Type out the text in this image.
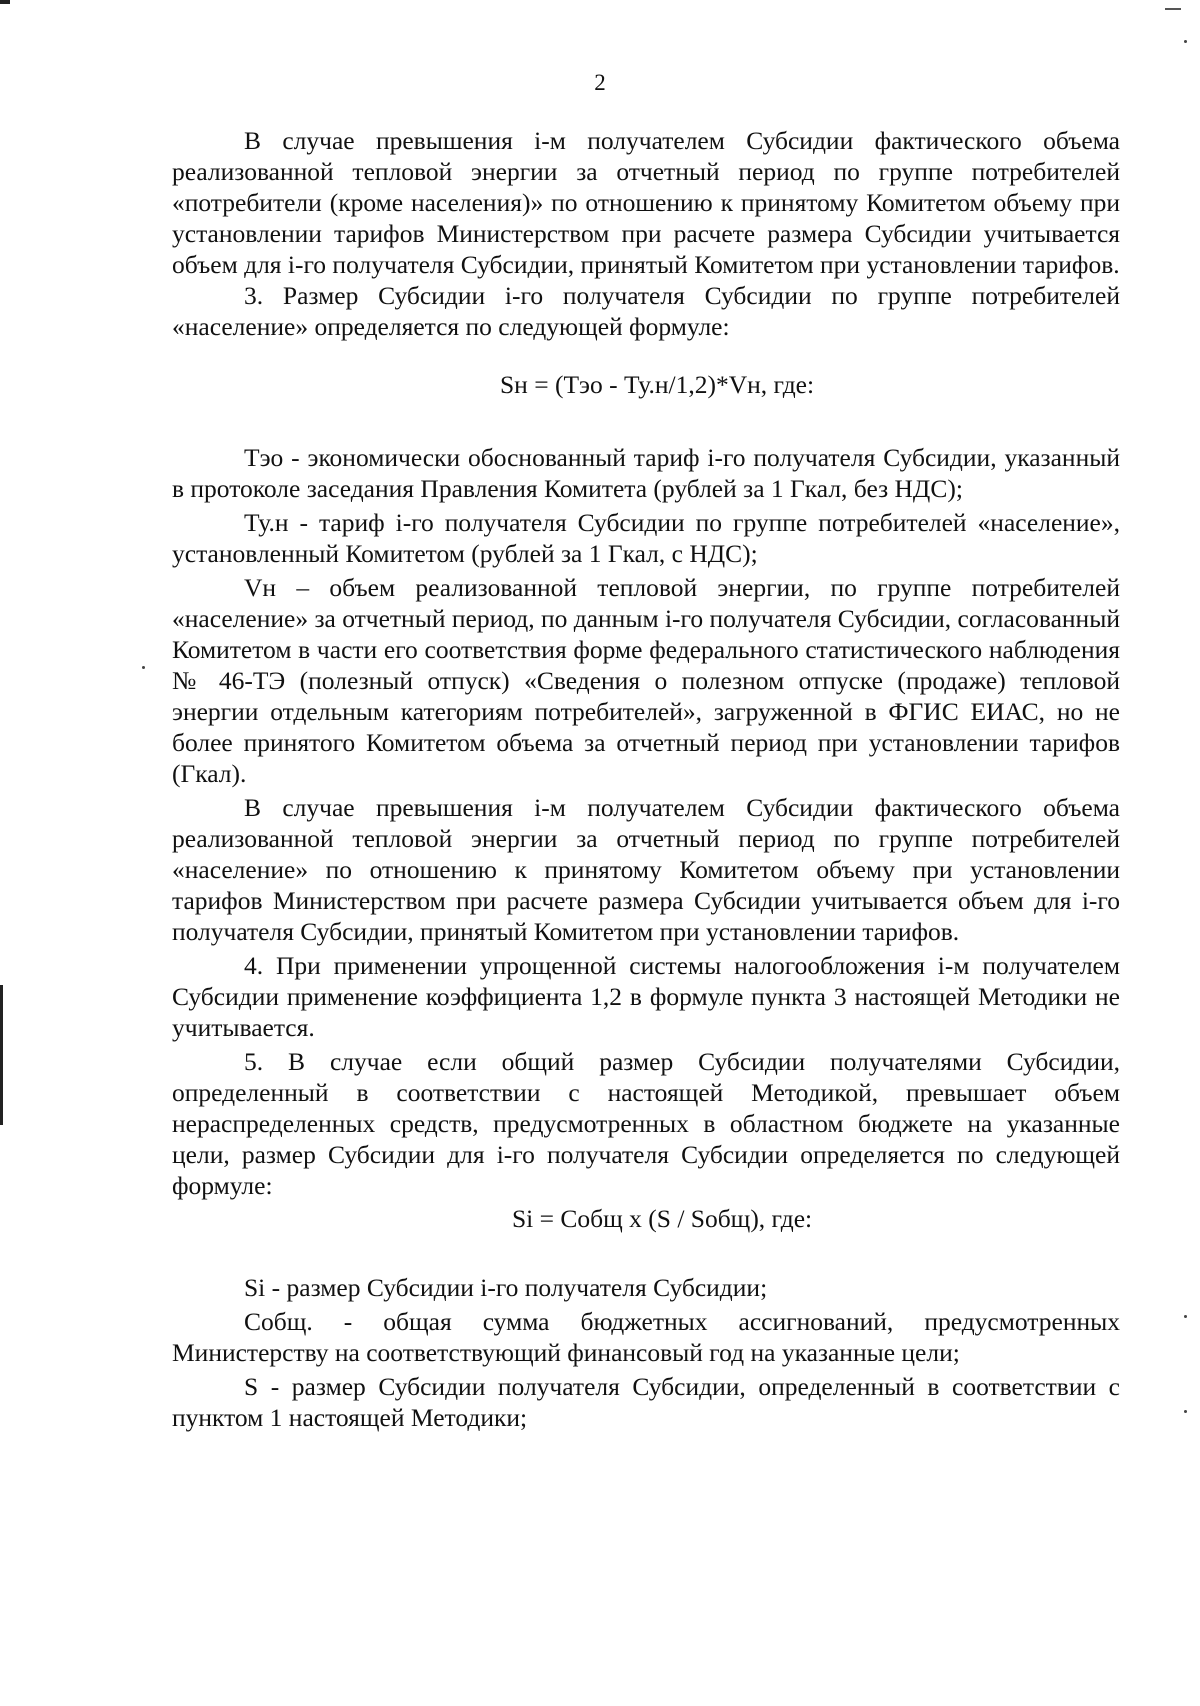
2

В случае превышения i-м получателем Субсидии фактического объема реализованной тепловой энергии за отчетный период по группе потребителей «потребители (кроме населения)» по отношению к принятому Комитетом объему при установлении тарифов Министерством при расчете размера Субсидии учитывается объем для i-го получателя Субсидии, принятый Комитетом при установлении тарифов.

3. Размер Субсидии i-го получателя Субсидии по группе потребителей «население» определяется по следующей формуле:

Sн = (Тэо - Ту.н/1,2)*Vн, где:

Тэо - экономически обоснованный тариф i-го получателя Субсидии, указанный в протоколе заседания Правления Комитета (рублей за 1 Гкал, без НДС);

Ту.н - тариф i-го получателя Субсидии по группе потребителей «население», установленный Комитетом (рублей за 1 Гкал, с НДС);

Vн – объем реализованной тепловой энергии, по группе потребителей «население» за отчетный период, по данным i-го получателя Субсидии, согласованный Комитетом в части его соответствия форме федерального статистического наблюдения № 46-ТЭ (полезный отпуск) «Сведения о полезном отпуске (продаже) тепловой энергии отдельным категориям потребителей», загруженной в ФГИС ЕИАС, но не более принятого Комитетом объема за отчетный период при установлении тарифов (Гкал).

В случае превышения i-м получателем Субсидии фактического объема реализованной тепловой энергии за отчетный период по группе потребителей «население» по отношению к принятому Комитетом объему при установлении тарифов Министерством при расчете размера Субсидии учитывается объем для i-го получателя Субсидии, принятый Комитетом при установлении тарифов.

4. При применении упрощенной системы налогообложения i-м получателем Субсидии применение коэффициента 1,2 в формуле пункта 3 настоящей Методики не учитывается.

5. В случае если общий размер Субсидии получателями Субсидии, определенный в соответствии с настоящей Методикой, превышает объем нераспределенных средств, предусмотренных в областном бюджете на указанные цели, размер Субсидии для i-го получателя Субсидии определяется по следующей формуле:

Si = Cобщ х (S / Sобщ), где:

Si - размер Субсидии i-го получателя Субсидии;

Cобщ. - общая сумма бюджетных ассигнований, предусмотренных Министерству на соответствующий финансовый год на указанные цели;

S - размер Субсидии получателя Субсидии, определенный в соответствии с пунктом 1 настоящей Методики;
